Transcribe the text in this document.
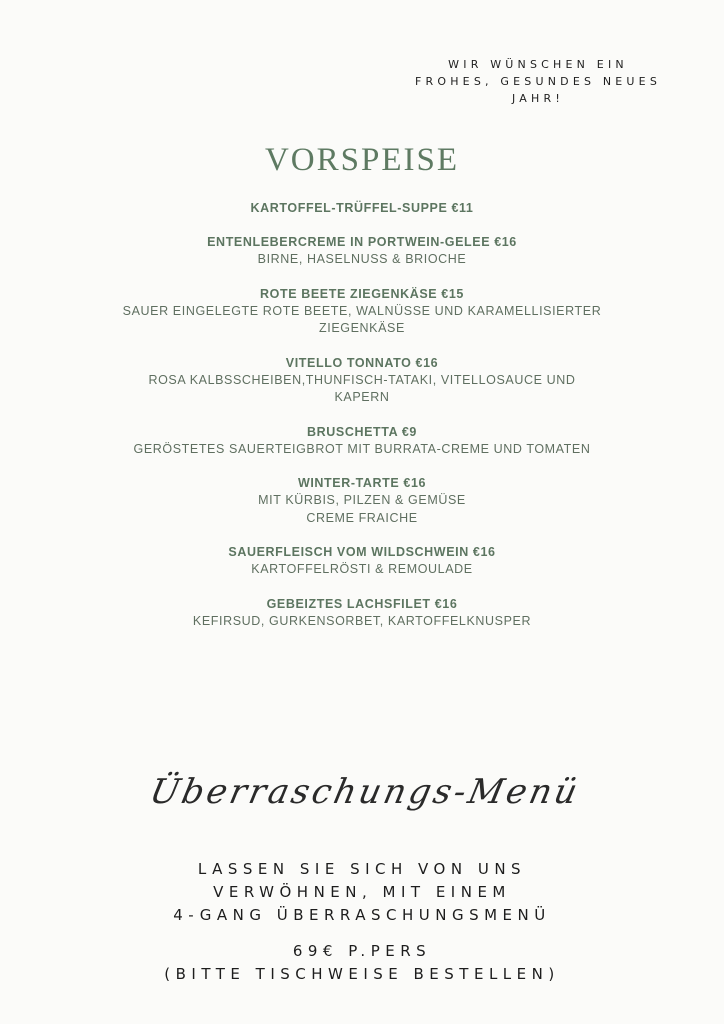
WIR WÜNSCHEN EIN
FROHES, GESUNDES NEUES
JAHR!
VORSPEISE
KARTOFFEL-TRÜFFEL-SUPPE €11
ENTENLEBERCREME IN PORTWEIN-GELEE €16
BIRNE, HASELNUSS & BRIOCHE
ROTE BEETE ZIEGENKÄSE €15
SAUER EINGELEGTE ROTE BEETE, WALNÜSSE UND KARAMELLISIERTER
ZIEGENKÄSE
VITELLO TONNATO €16
ROSA KALBSSCHEIBEN,THUNFISCH-TATAKI, VITELLOSAUCE UND
KAPERN
BRUSCHETTA €9
GERÖSTETES SAUERTEIGBROT MIT BURRATA-CREME UND TOMATEN
WINTER-TARTE €16
MIT KÜRBIS, PILZEN & GEMÜSE
CREME FRAICHE
SAUERFLEISCH VOM WILDSCHWEIN €16
KARTOFFELRÖSTI & REMOULADE
GEBEIZTES LACHSFILET €16
KEFIRSUD, GURKENSORBET, KARTOFFELKNUSPER
Überraschungs-Menü
LASSEN SIE SICH VON UNS
VERWÖHNEN, MIT EINEM
4-GANG ÜBERRASCHUNGSMENÜ
69€ P.PERS
(BITTE TISCHWEISE BESTELLEN)
